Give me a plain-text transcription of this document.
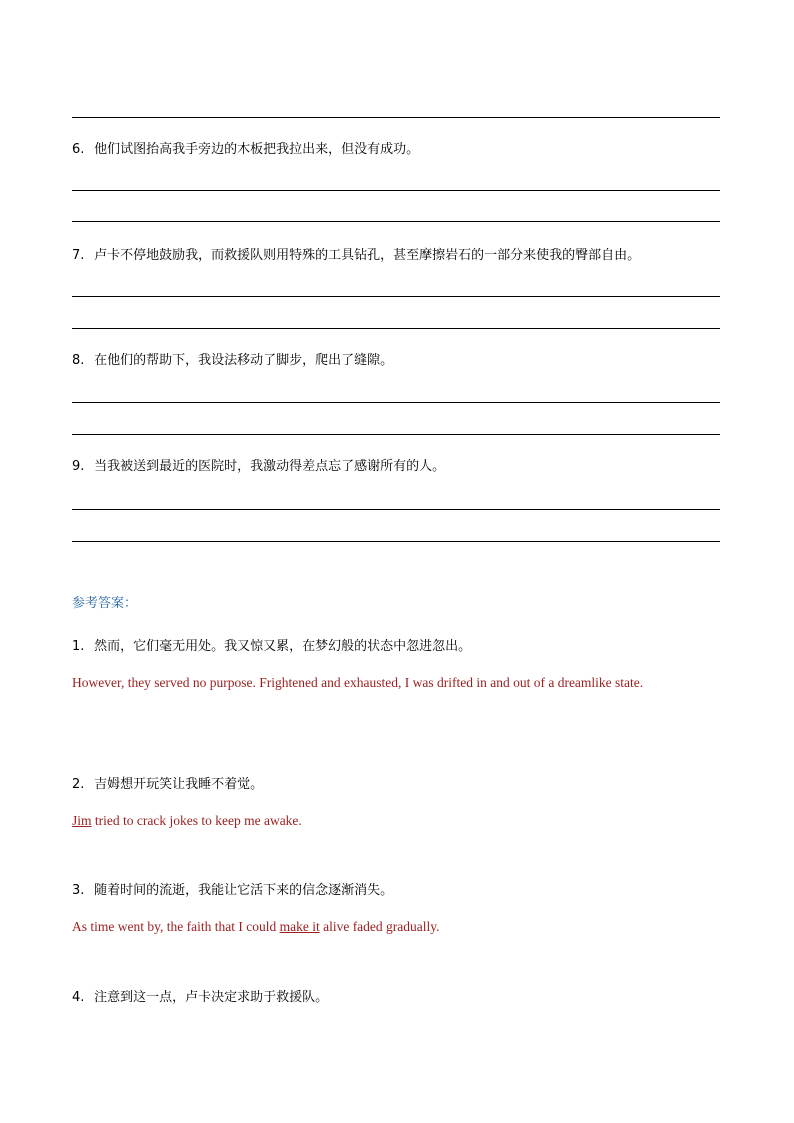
6. 他们试图抬高我手旁边的木板把我拉出来，但没有成功。
7. 卢卡不停地鼓励我，而救援队则用特殊的工具钻孔，甚至摩擦岩石的一部分来使我的臀部自由。
8. 在他们的帮助下，我设法移动了脚步，爬出了缝隙。
9. 当我被送到最近的医院时，我激动得差点忘了感谢所有的人。
参考答案：
1. 然而，它们毫无用处。我又惊又累，在梦幻般的状态中忽进忽出。
However, they served no purpose. Frightened and exhausted, I was drifted in and out of a dreamlike state.
2. 吉姆想开玩笑让我睡不着觉。
Jim tried to crack jokes to keep me awake.
3. 随着时间的流逝，我能让它活下来的信念逐渐消失。
As time went by, the faith that I could make it alive faded gradually.
4. 注意到这一点，卢卡决定求助于救援队。
